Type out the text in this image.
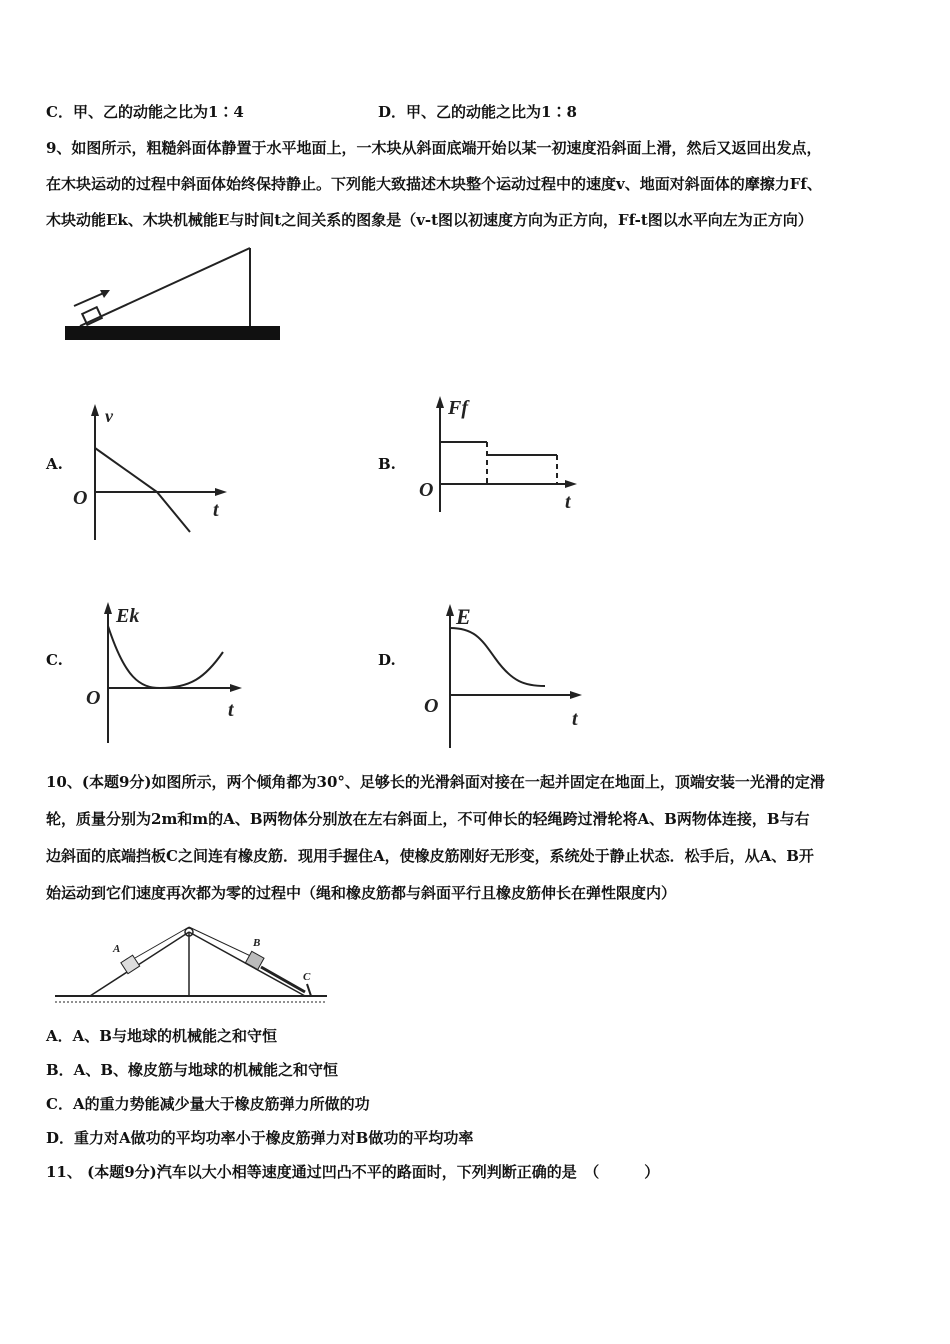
C．甲、乙的动能之比为1∶4	D．甲、乙的动能之比为1∶8
9、如图所示，粗糙斜面体静置于水平地面上，一木块从斜面底端开始以某一初速度沿斜面上滑，然后又返回出发点，
在木块运动的过程中斜面体始终保持静止。下列能大致描述木块整个运动过程中的速度v、地面对斜面体的摩擦力Ff、
木块动能Ek、木块机械能E与时间t之间关系的图象是（v-t图以初速度方向为正方向，Ff-t图以水平向左为正方向）
A.
v
O
t
B.
Ff
O
t
C.
Ek
O
t
D.
E
O
t
10、(本题9分)如图所示，两个倾角都为30°、足够长的光滑斜面对接在一起并固定在地面上，顶端安装一光滑的定滑
轮，质量分别为2m和m的A、B两物体分别放在左右斜面上，不可伸长的轻绳跨过滑轮将A、B两物体连接，B与右
边斜面的底端挡板C之间连有橡皮筋．现用手握住A，使橡皮筋刚好无形变，系统处于静止状态．松手后，从A、B开
始运动到它们速度再次都为零的过程中（绳和橡皮筋都与斜面平行且橡皮筋伸长在弹性限度内）
A	B
C
A．A、B与地球的机械能之和守恒
B．A、B、橡皮筋与地球的机械能之和守恒
C．A的重力势能减少量大于橡皮筋弹力所做的功
D．重力对A做功的平均功率小于橡皮筋弹力对B做功的平均功率
11、 (本题9分)汽车以大小相等速度通过凹凸不平的路面时，下列判断正确的是　（　　　）
